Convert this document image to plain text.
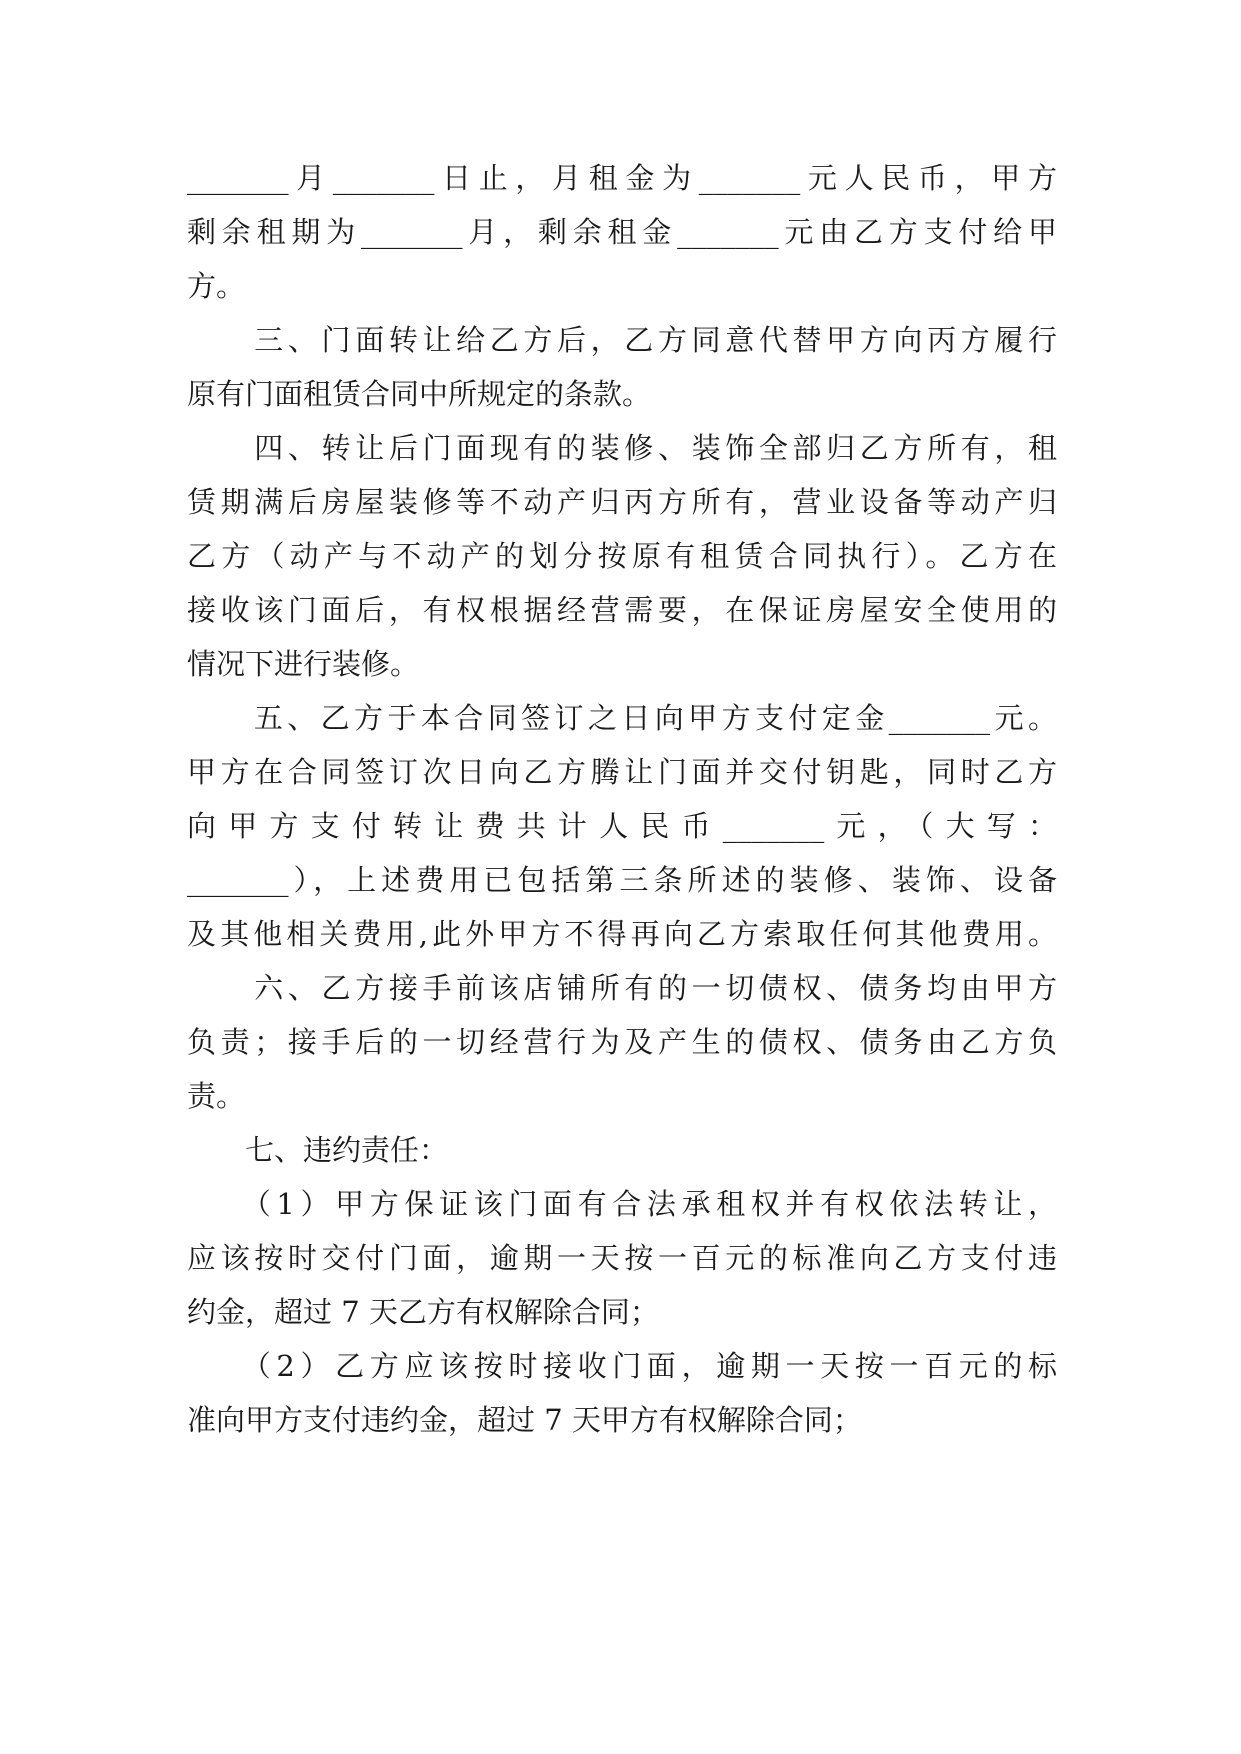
_______月_______日止，月租金为_______元人民币，甲方
剩余租期为_______月，剩余租金_______元由乙方支付给甲
方。
　　三、门面转让给乙方后，乙方同意代替甲方向丙方履行
原有门面租赁合同中所规定的条款。
　　四、转让后门面现有的装修、装饰全部归乙方所有，租
赁期满后房屋装修等不动产归丙方所有，营业设备等动产归
乙方（动产与不动产的划分按原有租赁合同执行）。乙方在
接收该门面后，有权根据经营需要，在保证房屋安全使用的
情况下进行装修。
　　五、乙方于本合同签订之日向甲方支付定金_______元。
甲方在合同签订次日向乙方腾让门面并交付钥匙，同时乙方
向甲方支付转让费共计人民币_______元，（大写：
_______），上述费用已包括第三条所述的装修、装饰、设备
及其他相关费用,此外甲方不得再向乙方索取任何其他费用。
　　六、乙方接手前该店铺所有的一切债权、债务均由甲方
负责；接手后的一切经营行为及产生的债权、债务由乙方负
责。
　　七、违约责任：
　　（1）甲方保证该门面有合法承租权并有权依法转让，
应该按时交付门面，逾期一天按一百元的标准向乙方支付违
约金，超过 7 天乙方有权解除合同；
　　（2）乙方应该按时接收门面，逾期一天按一百元的标
准向甲方支付违约金，超过 7 天甲方有权解除合同；
